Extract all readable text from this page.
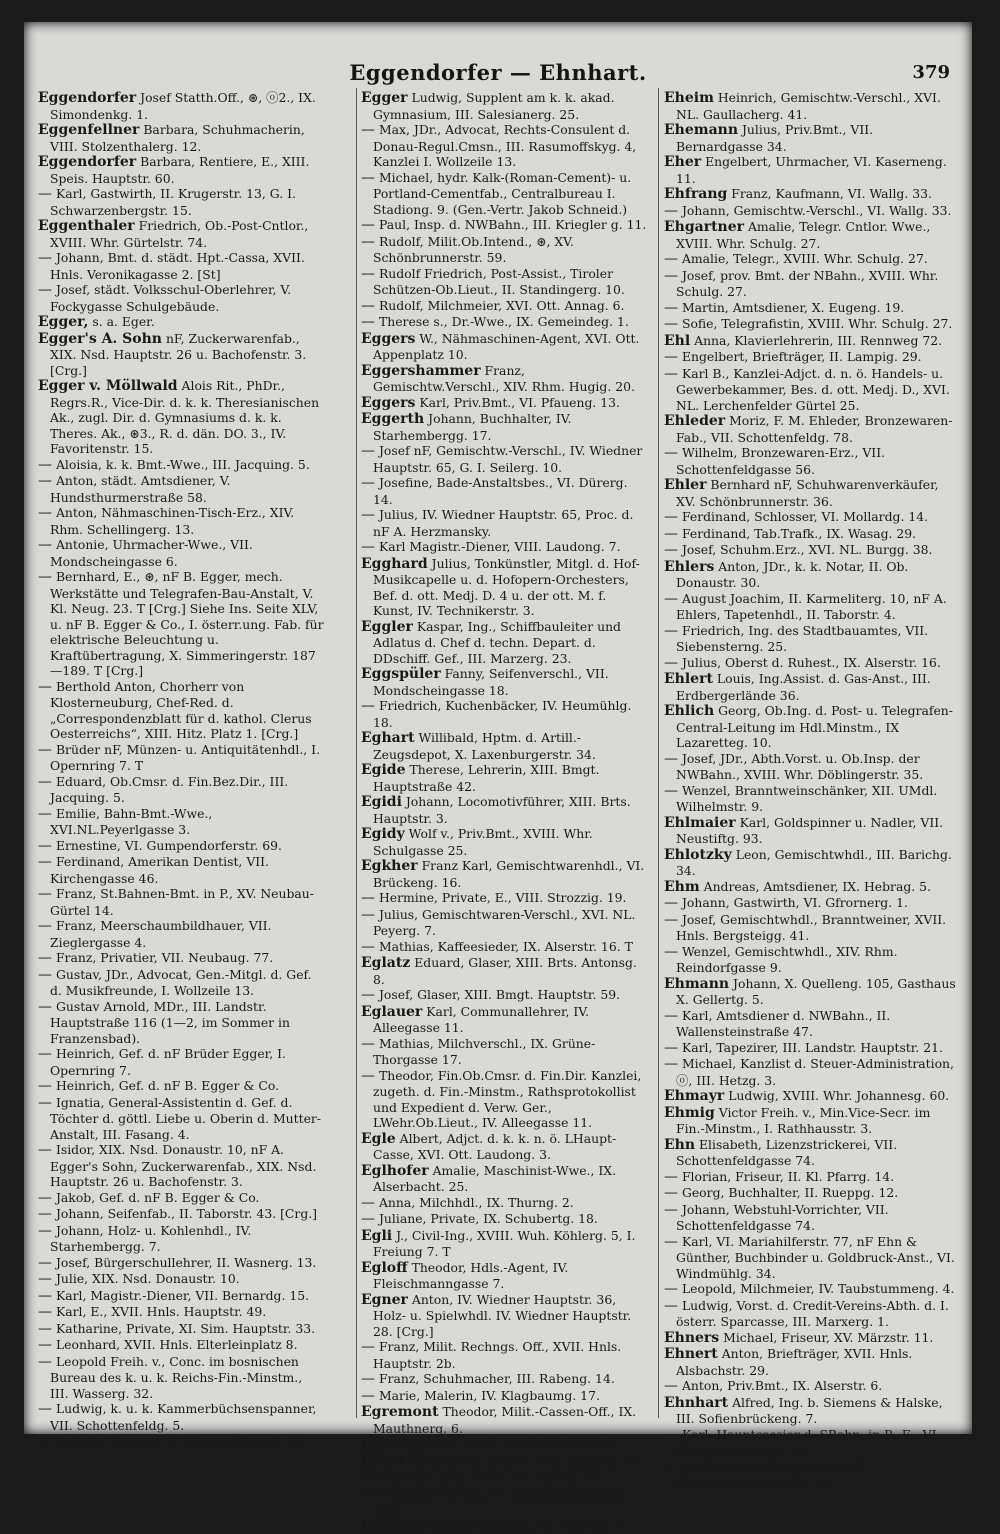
Eggendorfer — Ehnhart.	379

Eggendorfer Josef Statth.Off., ⊛, ⓞ2., IX. Simondenkg. 1.

Eggenfellner Barbara, Schuhmacherin, VIII. Stolzenthalerg. 12.

Eggendorfer Barbara, Rentiere, E., XIII. Speis. Hauptstr. 60.

— Karl, Gastwirth, II. Krugerstr. 13, G. I. Schwarzenbergstr. 15.

Eggenthaler Friedrich, Ob.-Post-Cntlor., XVIII. Whr. Gürtelstr. 74.

— Johann, Bmt. d. städt. Hpt.-Cassa, XVII. Hnls. Veronikagasse 2. [St]

— Josef, städt. Volksschul-Oberlehrer, V. Fockygasse Schulgebäude.

Egger, s. a. Eger.

Egger's A. Sohn nF, Zuckerwarenfab., XIX. Nsd. Hauptstr. 26 u. Bachofenstr. 3. [Crg.]

Egger v. Möllwald Alois Rit., PhDr., Regrs.R., Vice-Dir. d. k. k. Theresianischen Ak., zugl. Dir. d. Gymnasiums d. k. k. Theres. Ak., ⊛3., R. d. dän. DO. 3., IV. Favoritenstr. 15.

— Aloisia, k. k. Bmt.-Wwe., III. Jacquing. 5.

— Anton, städt. Amtsdiener, V. Hundsthurmerstraße 58.

— Anton, Nähmaschinen-Tisch-Erz., XIV. Rhm. Schellingerg. 13.

— Antonie, Uhrmacher-Wwe., VII. Mondscheingasse 6.

— Bernhard, E., ⊛, nF B. Egger, mech. Werkstätte und Telegrafen-Bau-Anstalt, V. Kl. Neug. 23. T [Crg.] Siehe Ins. Seite XLV, u. nF B. Egger & Co., I. österr.ung. Fab. für elektrische Beleuchtung u. Kraftübertragung, X. Simmeringerstr. 187—189. T [Crg.]

— Berthold Anton, Chorherr von Klosterneuburg, Chef-Red. d. „Correspondenzblatt für d. kathol. Clerus Oesterreichs“, XIII. Hitz. Platz 1. [Crg.]

— Brüder nF, Münzen- u. Antiquitätenhdl., I. Opernring 7. T

— Eduard, Ob.Cmsr. d. Fin.Bez.Dir., III. Jacquing. 5.

— Emilie, Bahn-Bmt.-Wwe., XVI.NL.Peyerlgasse 3.

— Ernestine, VI. Gumpendorferstr. 69.

— Ferdinand, Amerikan Dentist, VII. Kirchengasse 46.

— Franz, St.Bahnen-Bmt. in P., XV. Neubau-Gürtel 14.

— Franz, Meerschaumbildhauer, VII. Zieglergasse 4.

— Franz, Privatier, VII. Neubaug. 77.

— Gustav, JDr., Advocat, Gen.-Mitgl. d. Gef. d. Musikfreunde, I. Wollzeile 13.

— Gustav Arnold, MDr., III. Landstr. Hauptstraße 116 (1—2, im Sommer in Franzensbad).

— Heinrich, Gef. d. nF Brüder Egger, I. Opernring 7.

— Heinrich, Gef. d. nF B. Egger & Co.

— Ignatia, General-Assistentin d. Gef. d. Töchter d. göttl. Liebe u. Oberin d. Mutter-Anstalt, III. Fasang. 4.

— Isidor, XIX. Nsd. Donaustr. 10, nF A. Egger's Sohn, Zuckerwarenfab., XIX. Nsd. Hauptstr. 26 u. Bachofenstr. 3.

— Jakob, Gef. d. nF B. Egger & Co.

— Johann, Seifenfab., II. Taborstr. 43. [Crg.]

— Johann, Holz- u. Kohlenhdl., IV. Starhembergg. 7.

— Josef, Bürgerschullehrer, II. Wasnerg. 13.

— Julie, XIX. Nsd. Donaustr. 10.

— Karl, Magistr.-Diener, VII. Bernardg. 15.

— Karl, E., XVII. Hnls. Hauptstr. 49.

— Katharine, Private, XI. Sim. Hauptstr. 33.

— Leonhard, XVII. Hnls. Elterleinplatz 8.

— Leopold Freih. v., Conc. im bosnischen Bureau des k. u. k. Reichs-Fin.-Minstm., III. Wasserg. 32.

— Ludwig, k. u. k. Kammerbüchsenspanner, VII. Schottenfeldg. 5.

— Ludwig, Fragner, V. Margarethenstr. 56.

Egger Ludwig, Supplent am k. k. akad. Gymnasium, III. Salesianerg. 25.

— Max, JDr., Advocat, Rechts-Consulent d. Donau-Regul.Cmsn., III. Rasumoffskyg. 4, Kanzlei I. Wollzeile 13.

— Michael, hydr. Kalk-(Roman-Cement)- u. Portland-Cementfab., Centralbureau I. Stadiong. 9. (Gen.-Vertr. Jakob Schneid.)

— Paul, Insp. d. NWBahn., III. Kriegler g. 11.

— Rudolf, Milit.Ob.Intend., ⊛, XV. Schönbrunnerstr. 59.

— Rudolf Friedrich, Post-Assist., Tiroler Schützen-Ob.Lieut., II. Standingerg. 10.

— Rudolf, Milchmeier, XVI. Ott. Annag. 6.

— Therese s., Dr.-Wwe., IX. Gemeindeg. 1.

Eggers W., Nähmaschinen-Agent, XVI. Ott. Appenplatz 10.

Eggershammer Franz, Gemischtw.Verschl., XIV. Rhm. Hugig. 20.

Eggers Karl, Priv.Bmt., VI. Pfaueng. 13.

Eggerth Johann, Buchhalter, IV. Starhembergg. 17.

— Josef nF, Gemischtw.-Verschl., IV. Wiedner Hauptstr. 65, G. I. Seilerg. 10.

— Josefine, Bade-Anstaltsbes., VI. Dürerg. 14.

— Julius, IV. Wiedner Hauptstr. 65, Proc. d. nF A. Herzmansky.

— Karl Magistr.-Diener, VIII. Laudong. 7.

Egghard Julius, Tonkünstler, Mitgl. d. Hof-Musikcapelle u. d. Hofopern-Orchesters, Bef. d. ott. Medj. D. 4 u. der ott. M. f. Kunst, IV. Technikerstr. 3.

Eggler Kaspar, Ing., Schiffbauleiter und Adlatus d. Chef d. techn. Depart. d. DDschiff. Gef., III. Marzerg. 23.

Eggspüler Fanny, Seifenverschl., VII. Mondscheingasse 18.

— Friedrich, Kuchenbäcker, IV. Heumühlg. 18.

Eghart Willibald, Hptm. d. Artill.-Zeugsdepot, X. Laxenburgerstr. 34.

Egide Therese, Lehrerin, XIII. Bmgt. Hauptstraße 42.

Egidi Johann, Locomotivführer, XIII. Brts. Hauptstr. 3.

Egidy Wolf v., Priv.Bmt., XVIII. Whr. Schulgasse 25.

Egkher Franz Karl, Gemischtwarenhdl., VI. Brückeng. 16.

— Hermine, Private, E., VIII. Strozzig. 19.

— Julius, Gemischtwaren-Verschl., XVI. NL. Peyerg. 7.

— Mathias, Kaffeesieder, IX. Alserstr. 16. T

Eglatz Eduard, Glaser, XIII. Brts. Antonsg. 8.

— Josef, Glaser, XIII. Bmgt. Hauptstr. 59.

Eglauer Karl, Communallehrer, IV. Alleegasse 11.

— Mathias, Milchverschl., IX. Grüne-Thorgasse 17.

— Theodor, Fin.Ob.Cmsr. d. Fin.Dir. Kanzlei, zugeth. d. Fin.-Minstm., Rathsprotokollist und Expedient d. Verw. Ger., LWehr.Ob.Lieut., IV. Alleegasse 11.

Egle Albert, Adjct. d. k. k. n. ö. LHaupt-Casse, XVI. Ott. Laudong. 3.

Eglhofer Amalie, Maschinist-Wwe., IX. Alserbacht. 25.

— Anna, Milchhdl., IX. Thurng. 2.

— Juliane, Private, IX. Schubertg. 18.

Egli J., Civil-Ing., XVIII. Wuh. Köhlerg. 5, I. Freiung 7. T

Egloff Theodor, Hdls.-Agent, IV. Fleischmanngasse 7.

Egner Anton, IV. Wiedner Hauptstr. 36, Holz- u. Spielwhdl. IV. Wiedner Hauptstr. 28. [Crg.]

— Franz, Milit. Rechngs. Off., XVII. Hnls. Hauptstr. 2b.

— Franz, Schuhmacher, III. Rabeng. 14.

— Marie, Malerin, IV. Klagbaumg. 17.

Egremont Theodor, Milit.-Cassen-Off., IX. Mauthnerg. 6.

Egyedy Julius, MDr., VIII. Laudong. 41.

Ehart Karl, Gymn.-Lehrer, VIII. Langeg. 47.

— Karoline, Bmt.-Wwe., IV. Alleeg. 53.

— Therese, Private, VI. Gumpendorferstr. 163.

Ehbauer Georg, Obsthdl., IX. Thurng. 7.

Eheim Heinrich, Gemischtw.-Verschl., XVI. NL. Gaullacherg. 41.

Ehemann Julius, Priv.Bmt., VII. Bernardgasse 34.

Eher Engelbert, Uhrmacher, VI. Kaserneng. 11.

Ehfrang Franz, Kaufmann, VI. Wallg. 33.

— Johann, Gemischtw.-Verschl., VI. Wallg. 33.

Ehgartner Amalie, Telegr. Cntlor. Wwe., XVIII. Whr. Schulg. 27.

— Amalie, Telegr., XVIII. Whr. Schulg. 27.

— Josef, prov. Bmt. der NBahn., XVIII. Whr. Schulg. 27.

— Martin, Amtsdiener, X. Eugeng. 19.

— Sofie, Telegrafistin, XVIII. Whr. Schulg. 27.

Ehl Anna, Klavierlehrerin, III. Rennweg 72.

— Engelbert, Briefträger, II. Lampig. 29.

— Karl B., Kanzlei-Adjct. d. n. ö. Handels- u. Gewerbekammer, Bes. d. ott. Medj. D., XVI. NL. Lerchenfelder Gürtel 25.

Ehleder Moriz, F. M. Ehleder, Bronzewaren-Fab., VII. Schottenfeldg. 78.

— Wilhelm, Bronzewaren-Erz., VII. Schottenfeldgasse 56.

Ehler Bernhard nF, Schuhwarenverkäufer, XV. Schönbrunnerstr. 36.

— Ferdinand, Schlosser, VI. Mollardg. 14.

— Ferdinand, Tab.Trafk., IX. Wasag. 29.

— Josef, Schuhm.Erz., XVI. NL. Burgg. 38.

Ehlers Anton, JDr., k. k. Notar, II. Ob. Donaustr. 30.

— August Joachim, II. Karmeliterg. 10, nF A. Ehlers, Tapetenhdl., II. Taborstr. 4.

— Friedrich, Ing. des Stadtbauamtes, VII. Siebensterng. 25.

— Julius, Oberst d. Ruhest., IX. Alserstr. 16.

Ehlert Louis, Ing.Assist. d. Gas-Anst., III. Erdbergerlände 36.

Ehlich Georg, Ob.Ing. d. Post- u. Telegrafen-Central-Leitung im Hdl.Minstm., IX Lazaretteg. 10.

— Josef, JDr., Abth.Vorst. u. Ob.Insp. der NWBahn., XVIII. Whr. Döblingerstr. 35.

— Wenzel, Branntweinschänker, XII. UMdl. Wilhelmstr. 9.

Ehlmaier Karl, Goldspinner u. Nadler, VII. Neustiftg. 93.

Ehlotzky Leon, Gemischtwhdl., III. Barichg. 34.

Ehm Andreas, Amtsdiener, IX. Hebrag. 5.

— Johann, Gastwirth, VI. Gfrornerg. 1.

— Josef, Gemischtwhdl., Branntweiner, XVII. Hnls. Bergsteigg. 41.

— Wenzel, Gemischtwhdl., XIV. Rhm. Reindorfgasse 9.

Ehmann Johann, X. Quelleng. 105, Gasthaus X. Gellertg. 5.

— Karl, Amtsdiener d. NWBahn., II. Wallensteinstraße 47.

— Karl, Tapezirer, III. Landstr. Hauptstr. 21.

— Michael, Kanzlist d. Steuer-Administration, ⓞ, III. Hetzg. 3.

Ehmayr Ludwig, XVIII. Whr. Johannesg. 60.

Ehmig Victor Freih. v., Min.Vice-Secr. im Fin.-Minstm., I. Rathhausstr. 3.

Ehn Elisabeth, Lizenzstrickerei, VII. Schottenfeldgasse 74.

— Florian, Friseur, II. Kl. Pfarrg. 14.

— Georg, Buchhalter, II. Rueppg. 12.

— Johann, Webstuhl-Vorrichter, VII. Schottenfeldgasse 74.

— Karl, VI. Mariahilferstr. 77, nF Ehn & Günther, Buchbinder u. Goldbruck-Anst., VI. Windmühlg. 34.

— Leopold, Milchmeier, IV. Taubstummeng. 4.

— Ludwig, Vorst. d. Credit-Vereins-Abth. d. I. österr. Sparcasse, III. Marxerg. 1.

Ehners Michael, Friseur, XV. Märzstr. 11.

Ehnert Anton, Briefträger, XVII. Hnls. Alsbachstr. 29.

— Anton, Priv.Bmt., IX. Alserstr. 6.

Ehnhart Alfred, Ing. b. Siemens & Halske, III. Sofienbrückeng. 7.

— Karl, Hauptcassier d. SBahn. in P., E., VI. Gumpendorferstr. 14.

— Karl, Bmt. d. Credit-Anst., VI. Gumpendorferstraße 14.
